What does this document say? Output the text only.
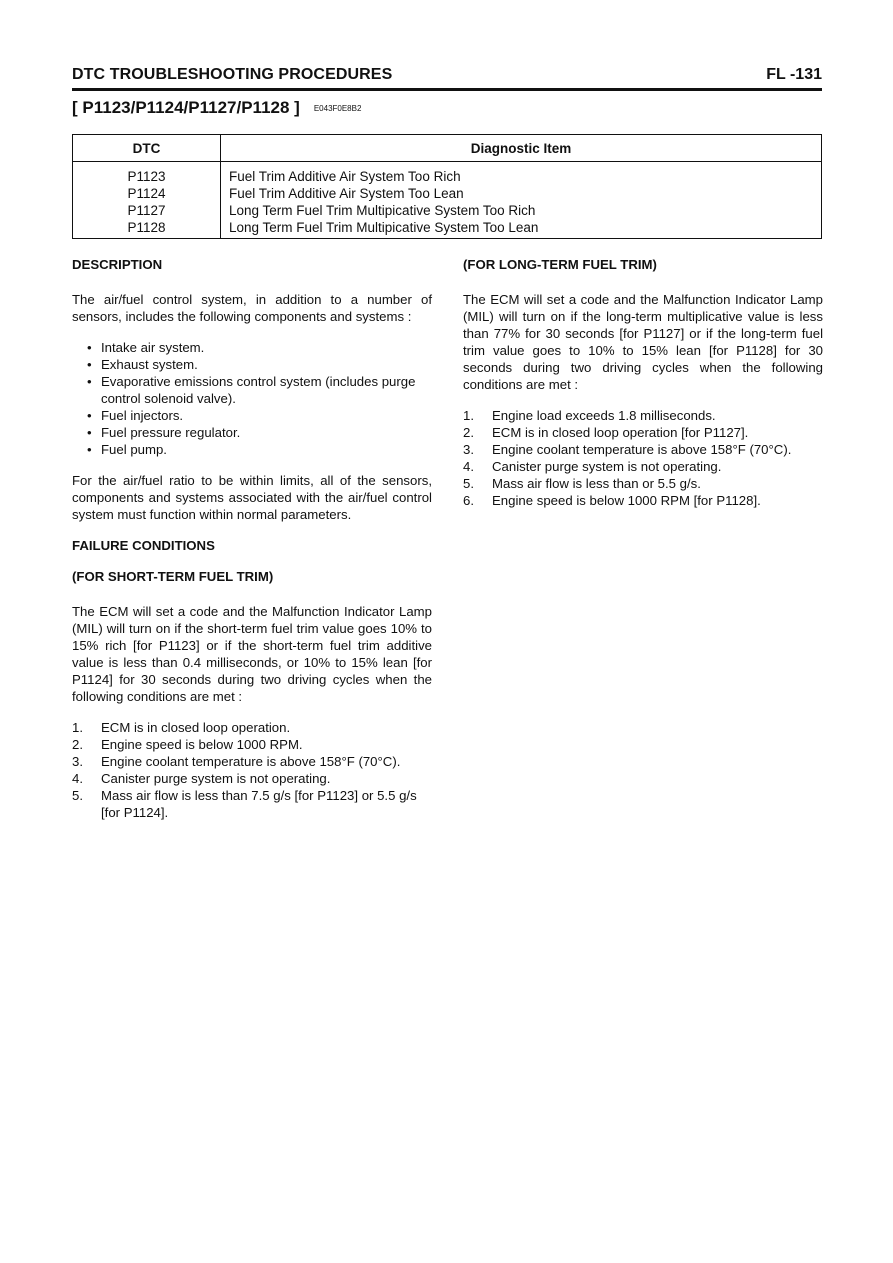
DTC TROUBLESHOOTING PROCEDURES	FL -131
[ P1123/P1124/P1127/P1128 ] E043F0E8B2
DTC	Diagnostic Item
P1123	Fuel Trim Additive Air System Too Rich
P1124	Fuel Trim Additive Air System Too Lean
P1127	Long Term Fuel Trim Multipicative System Too Rich
P1128	Long Term Fuel Trim Multipicative System Too Lean

DESCRIPTION

The air/fuel control system, in addition to a number of sensors, includes the following components and systems :

• Intake air system.
• Exhaust system.
• Evaporative emissions control system (includes purge control solenoid valve).
• Fuel injectors.
• Fuel pressure regulator.
• Fuel pump.

For the air/fuel ratio to be within limits, all of the sensors, components and systems associated with the air/fuel control system must function within normal parameters.

FAILURE CONDITIONS

(FOR SHORT-TERM FUEL TRIM)

The ECM will set a code and the Malfunction Indicator Lamp (MIL) will turn on if the short-term fuel trim value goes 10% to 15% rich [for P1123] or if the short-term fuel trim additive value is less than 0.4 milliseconds, or 10% to 15% lean [for P1124] for 30 seconds during two driving cycles when the following conditions are met :

1. ECM is in closed loop operation.
2. Engine speed is below 1000 RPM.
3. Engine coolant temperature is above 158°F (70°C).
4. Canister purge system is not operating.
5. Mass air flow is less than 7.5 g/s [for P1123] or 5.5 g/s [for P1124].

(FOR LONG-TERM FUEL TRIM)

The ECM will set a code and the Malfunction Indicator Lamp (MIL) will turn on if the long-term multiplicative value is less than 77% for 30 seconds [for P1127] or if the long-term fuel trim value goes to 10% to 15% lean [for P1128] for 30 seconds during two driving cycles when the following conditions are met :

1. Engine load exceeds 1.8 milliseconds.
2. ECM is in closed loop operation [for P1127].
3. Engine coolant temperature is above 158°F (70°C).
4. Canister purge system is not operating.
5. Mass air flow is less than or 5.5 g/s.
6. Engine speed is below 1000 RPM [for P1128].
